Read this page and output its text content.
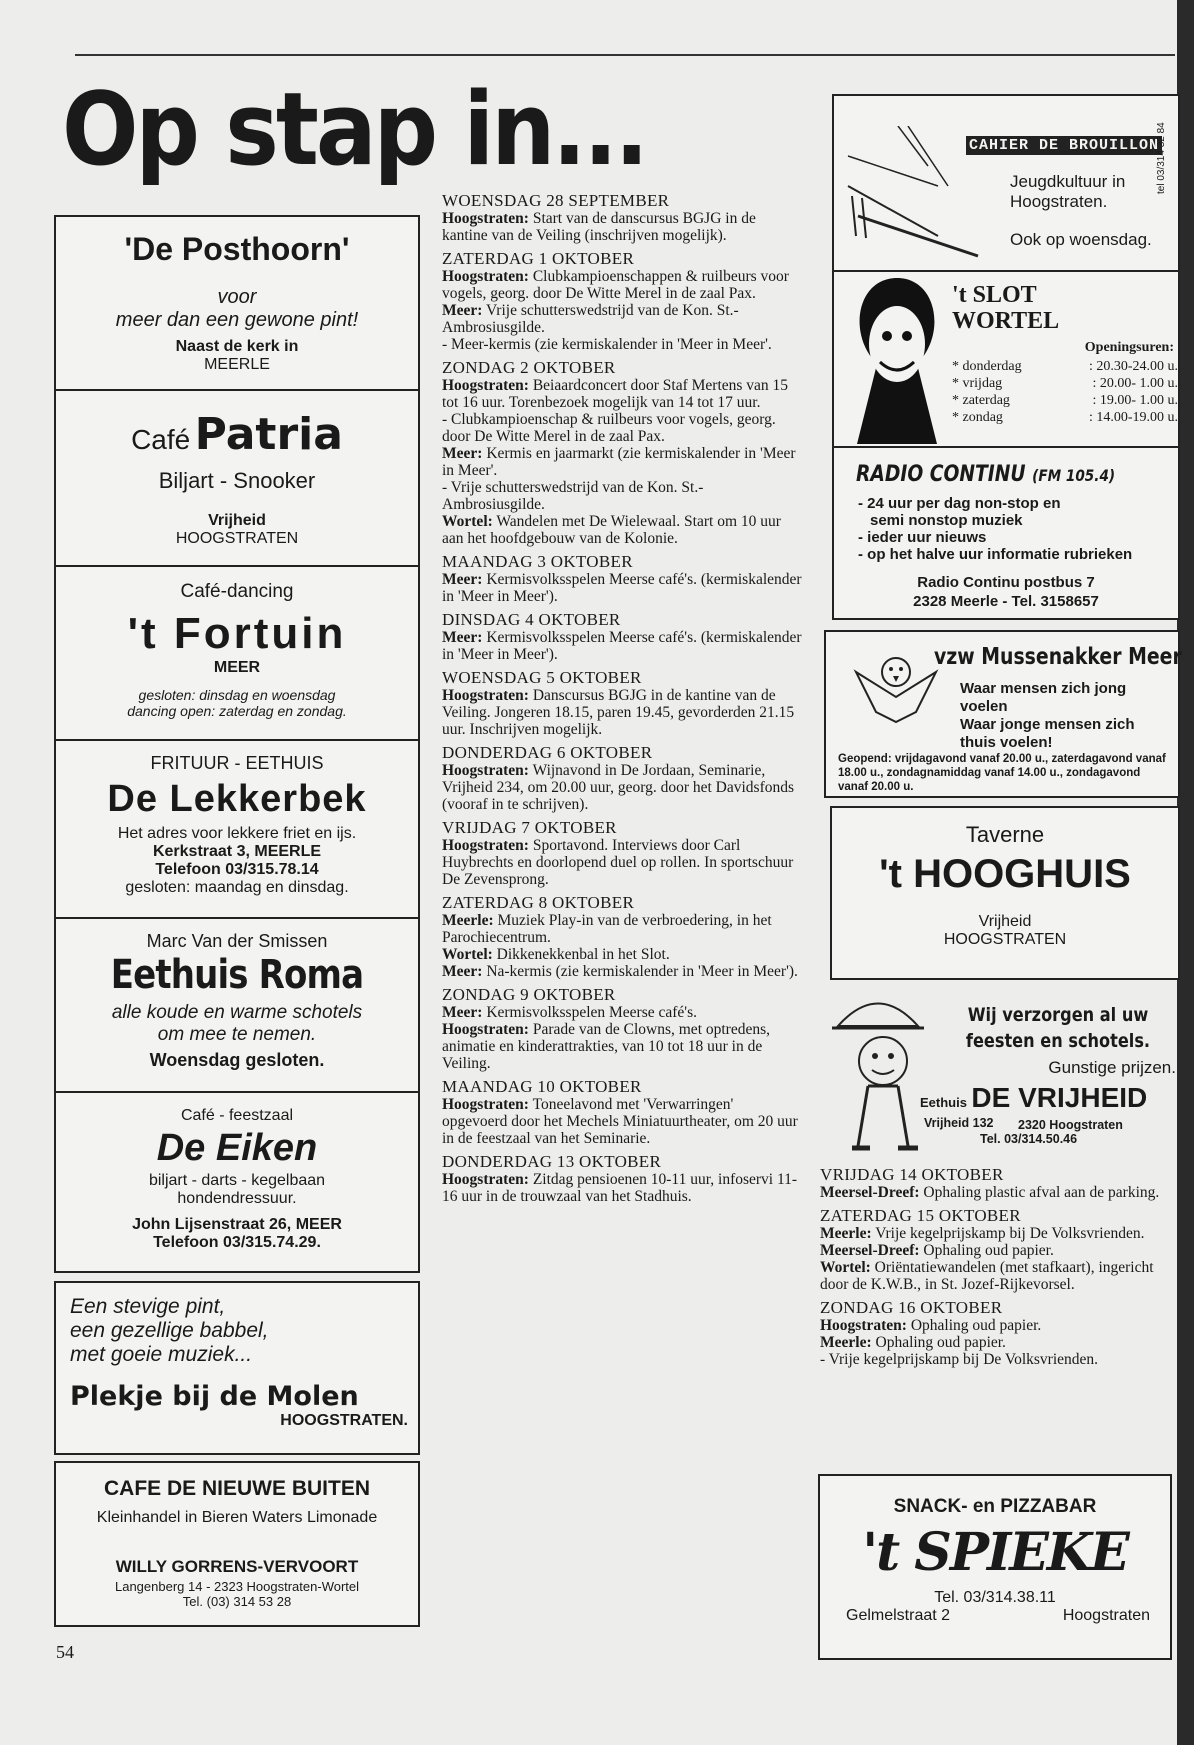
Op stap in...
54
'De Posthoorn'
voor
meer dan een gewone pint!
Naast de kerk in
MEERLE
Café Patria
Biljart - Snooker
Vrijheid
HOOGSTRATEN
Café-dancing
't Fortuin
MEER
gesloten: dinsdag en woensdag
dancing open: zaterdag en zondag.
FRITUUR - EETHUIS
De Lekkerbek
Het adres voor lekkere friet en ijs.
Kerkstraat 3, MEERLE
Telefoon 03/315.78.14
gesloten: maandag en dinsdag.
Marc Van der Smissen
Eethuis Roma
alle koude en warme schotels
om mee te nemen.
Woensdag gesloten.
Café - feestzaal
De Eiken
biljart - darts - kegelbaan
hondendressuur.
John Lijsenstraat 26, MEER
Telefoon 03/315.74.29.
Een stevige pint,
een gezellige babbel,
met goeie muziek...
Plekje bij de Molen
HOOGSTRATEN.
CAFE DE NIEUWE BUITEN
Kleinhandel in Bieren Waters Limonade
WILLY GORRENS-VERVOORT
Langenberg 14 - 2323 Hoogstraten-Wortel
Tel. (03) 314 53 28
WOENSDAG 28 SEPTEMBER

Hoogstraten: Start van de danscursus BGJG in de kantine van de Veiling (inschrijven mogelijk).

ZATERDAG 1 OKTOBER

Hoogstraten: Clubkampioenschappen & ruilbeurs voor vogels, georg. door De Witte Merel in de zaal Pax.

Meer: Vrije schutterswedstrijd van de Kon. St.-Ambrosiusgilde.

- Meer-kermis (zie kermiskalender in 'Meer in Meer'.

ZONDAG 2 OKTOBER

Hoogstraten: Beiaardconcert door Staf Mertens van 15 tot 16 uur. Torenbezoek mogelijk van 14 tot 17 uur.

- Clubkampioenschap & ruilbeurs voor vogels, georg. door De Witte Merel in de zaal Pax.

Meer: Kermis en jaarmarkt (zie kermiskalender in 'Meer in Meer'.

- Vrije schutterswedstrijd van de Kon. St.-Ambrosiusgilde.

Wortel: Wandelen met De Wielewaal. Start om 10 uur aan het hoofdgebouw van de Kolonie.

MAANDAG 3 OKTOBER

Meer: Kermisvolksspelen Meerse café's. (kermiskalender in 'Meer in Meer').

DINSDAG 4 OKTOBER

Meer: Kermisvolksspelen Meerse café's. (kermiskalender in 'Meer in Meer').

WOENSDAG 5 OKTOBER

Hoogstraten: Danscursus BGJG in de kantine van de Veiling. Jongeren 18.15, paren 19.45, gevorderden 21.15 uur. Inschrijven mogelijk.

DONDERDAG 6 OKTOBER

Hoogstraten: Wijnavond in De Jordaan, Seminarie, Vrijheid 234, om 20.00 uur, georg. door het Davidsfonds (vooraf in te schrijven).

VRIJDAG 7 OKTOBER

Hoogstraten: Sportavond. Interviews door Carl Huybrechts en doorlopend duel op rollen. In sportschuur De Zevensprong.

ZATERDAG 8 OKTOBER

Meerle: Muziek Play-in van de verbroedering, in het Parochiecentrum.

Wortel: Dikkenekkenbal in het Slot.

Meer: Na-kermis (zie kermiskalender in 'Meer in Meer').

ZONDAG 9 OKTOBER

Meer: Kermisvolksspelen Meerse café's.

Hoogstraten: Parade van de Clowns, met optredens, animatie en kinderattrakties, van 10 tot 18 uur in de Veiling.

MAANDAG 10 OKTOBER

Hoogstraten: Toneelavond met 'Verwarringen' opgevoerd door het Mechels Miniatuurtheater, om 20 uur in de feestzaal van het Seminarie.

DONDERDAG 13 OKTOBER

Hoogstraten: Zitdag pensioenen 10-11 uur, infoservi 11-16 uur in de trouwzaal van het Stadhuis.

VRIJDAG 14 OKTOBER

Meersel-Dreef: Ophaling plastic afval aan de parking.

ZATERDAG 15 OKTOBER

Meerle: Vrije kegelprijskamp bij De Volksvrienden.

Meersel-Dreef: Ophaling oud papier.

Wortel: Oriëntatiewandelen (met stafkaart), ingericht door de K.W.B., in St. Jozef-Rijkevorsel.

ZONDAG 16 OKTOBER

Hoogstraten: Ophaling oud papier.

Meerle: Ophaling oud papier.

- Vrije kegelprijskamp bij De Volksvrienden.

CAHIER DE BROUILLON
Jeugdkultuur in
Hoogstraten.
Ook op woensdag.
tel 03/314 32 84
't SLOT
WORTEL
Openingsuren:
* donderdag	: 20.30-24.00 u.
* vrijdag	: 20.00- 1.00 u.
* zaterdag	: 19.00- 1.00 u.
* zondag	: 14.00-19.00 u.
RADIO CONTINU (FM 105.4)
- 24 uur per dag non-stop en
semi nonstop muziek
- ieder uur nieuws
- op het halve uur informatie rubrieken
Radio Continu postbus 7
2328 Meerle - Tel. 3158657
vzw Mussenakker Meer
Waar mensen zich jong
voelen
Waar jonge mensen zich
thuis voelen!
Geopend: vrijdagavond vanaf 20.00 u., zaterdagavond vanaf 18.00 u., zondagnamiddag vanaf 14.00 u., zondagavond vanaf 20.00 u.
Taverne
't HOOGHUIS
Vrijheid
HOOGSTRATEN
Wij verzorgen al uw
feesten en schotels.
Gunstige prijzen.
Eethuis DE VRIJHEID
Vrijheid 132 2320 Hoogstraten
Tel. 03/314.50.46
SNACK- en PIZZABAR
't SPIEKE
Tel. 03/314.38.11
Gelmelstraat 2	Hoogstraten
